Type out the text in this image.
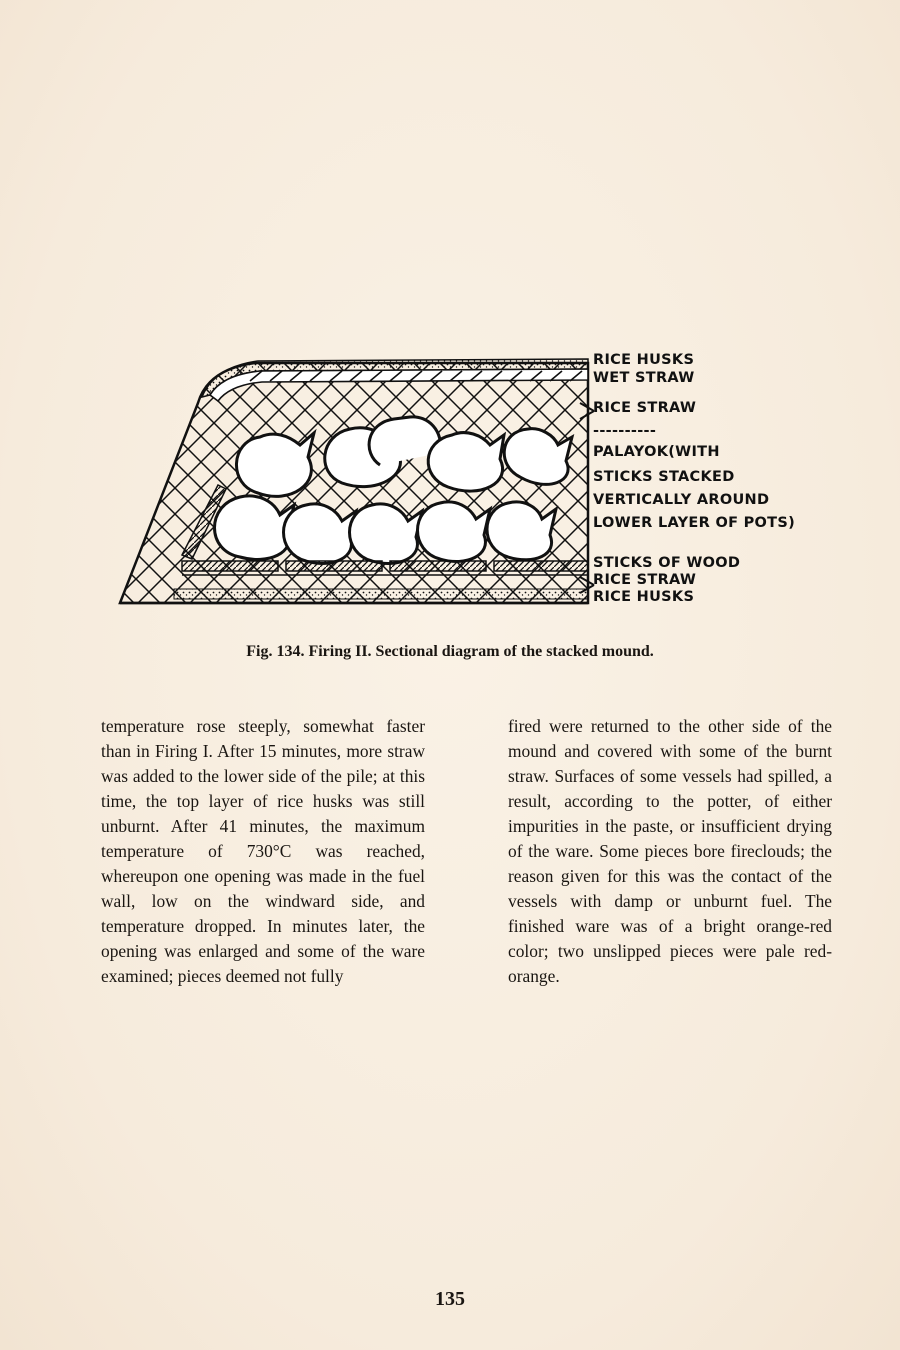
RICE HUSKS
WET STRAW
RICE STRAW
----------
PALAYOK(WITH
STICKS STACKED
VERTICALLY AROUND
LOWER LAYER OF POTS)
STICKS OF WOOD
RICE STRAW
RICE HUSKS
Fig. 134. Firing II. Sectional diagram of the stacked mound.

temperature rose steeply, somewhat faster than in Firing I. After 15 minutes, more straw was added to the lower side of the pile; at this time, the top layer of rice husks was still unburnt. After 41 minutes, the maximum temperature of 730°C was reached, whereupon one opening was made in the fuel wall, low on the windward side, and temperature dropped. In minutes later, the opening was enlarged and some of the ware examined; pieces deemed not fully

fired were returned to the other side of the mound and covered with some of the burnt straw. Surfaces of some vessels had spilled, a result, according to the potter, of either impurities in the paste, or insufficient drying of the ware. Some pieces bore fireclouds; the reason given for this was the contact of the vessels with damp or unburnt fuel. The finished ware was of a bright orange-red color; two unslipped pieces were pale red-orange.

135
